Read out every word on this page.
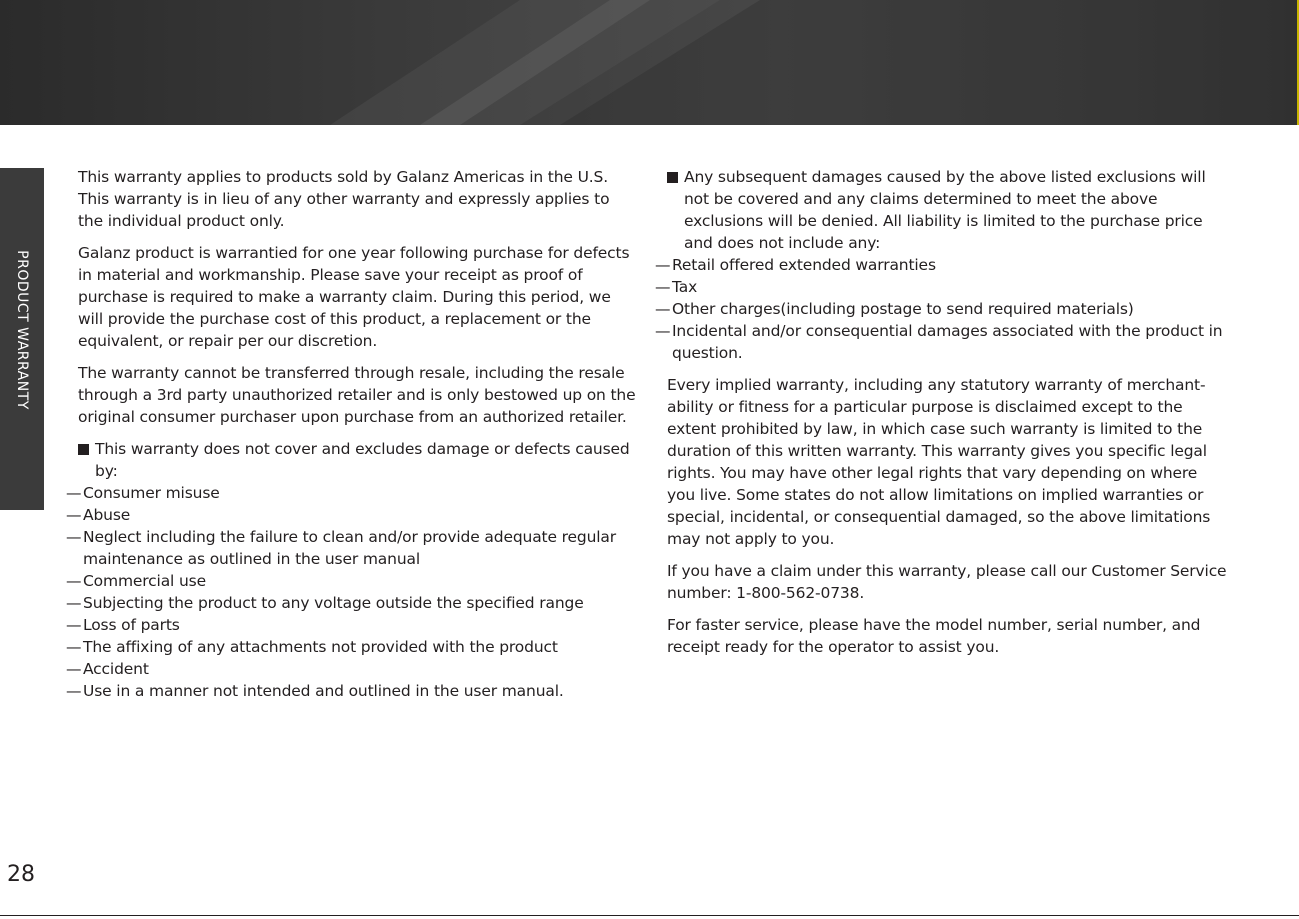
PRODUCT WARRANTY

This warranty applies to products sold by Galanz Americas in the U.S. This warranty is in lieu of any other warranty and expressly applies to the individual product only.

Galanz product is warrantied for one year following purchase for defects in material and workmanship. Please save your receipt as proof of purchase is required to make a warranty claim. During this period, we will provide the purchase cost of this product, a replacement or the equivalent, or repair per our discretion.

The warranty cannot be transferred through resale, including the resale through a 3rd party unauthorized retailer and is only bestowed up on the original consumer purchaser upon purchase from an authorized retailer.

This warranty does not cover and excludes damage or defects caused by:

— Consumer misuse
— Abuse
— Neglect including the failure to clean and/or provide adequate regular maintenance as outlined in the user manual
— Commercial use
— Subjecting the product to any voltage outside the specified range
— Loss of parts
— The affixing of any attachments not provided with the product
— Accident
— Use in a manner not intended and outlined in the user manual.

Any subsequent damages caused by the above listed exclusions will not be covered and any claims determined to meet the above exclusions will be denied. All liability is limited to the purchase price and does not include any:

— Retail offered extended warranties
— Tax
— Other charges(including postage to send required materials)
— Incidental and/or consequential damages associated with the product in question.

Every implied warranty, including any statutory warranty of merchant-ability or fitness for a particular purpose is disclaimed except to the extent prohibited by law, in which case such warranty is limited to the duration of this written warranty. This warranty gives you specific legal rights. You may have other legal rights that vary depending on where you live. Some states do not allow limitations on implied warranties or special, incidental, or consequential damaged, so the above limitations may not apply to you.

If you have a claim under this warranty, please call our Customer Service number: 1-800-562-0738.

For faster service, please have the model number, serial number, and receipt ready for the operator to assist you.

28
